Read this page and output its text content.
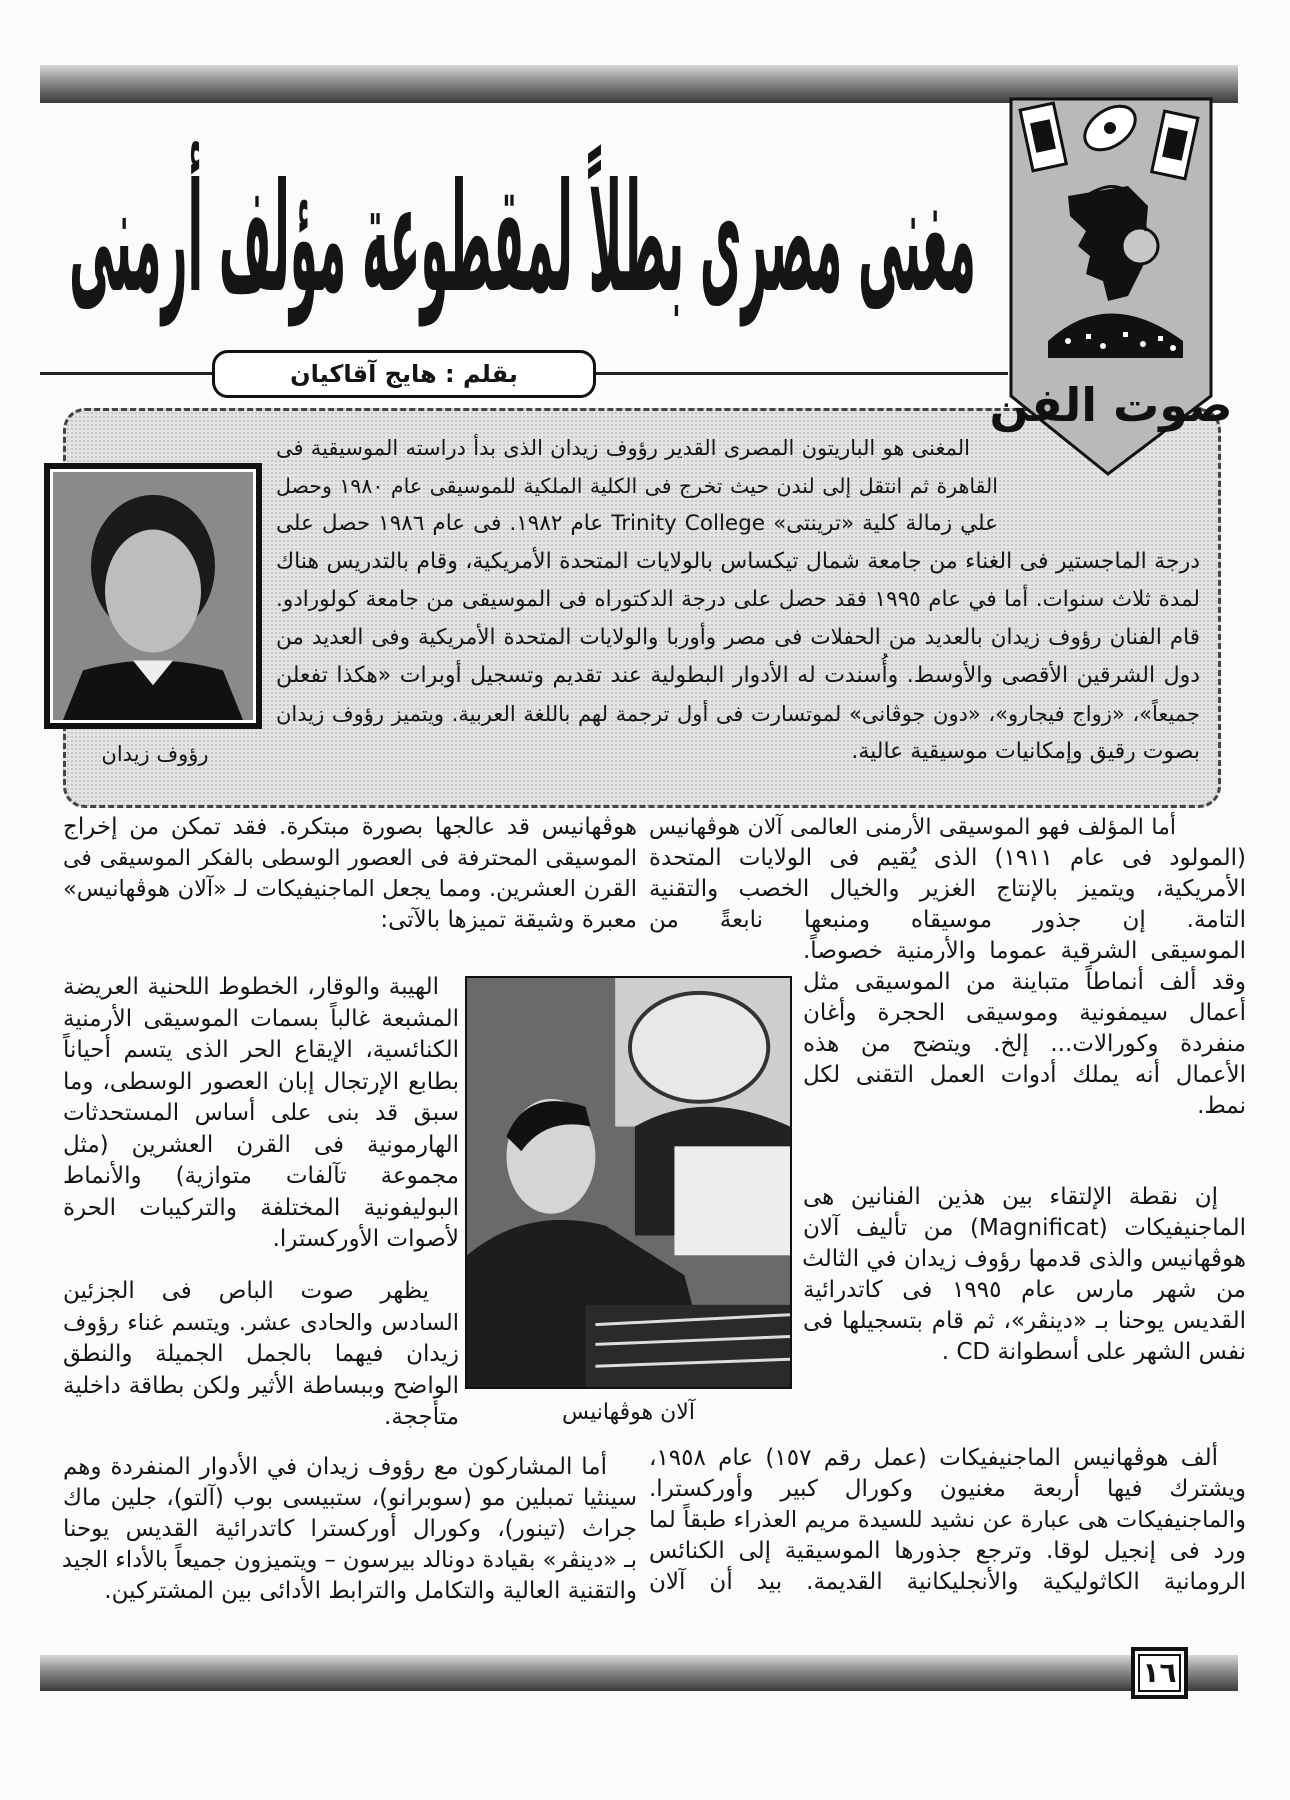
صوت الفن
مغنى مصرى بطلاً لمقطوعة مؤلف أرمنى
بقلم : هايج آقاكيان
رؤوف زيدان
آلان هوڤهانيس
المغنى هو الباريتون المصرى القدير رؤوف زيدان الذى بدأ دراسته الموسيقية فى
القاهرة ثم انتقل إلى لندن حيث تخرج فى الكلية الملكية للموسيقى عام ١٩٨٠ وحصل
علي زمالة كلية «ترينتى» Trinity College عام ١٩٨٢. فى عام ١٩٨٦ حصل على
درجة الماجستير فى الغناء من جامعة شمال تيكساس بالولايات المتحدة الأمريكية، وقام بالتدريس هناك
لمدة ثلاث سنوات. أما في عام ١٩٩٥ فقد حصل على درجة الدكتوراه فى الموسيقى من جامعة كولورادو.
قام الفنان رؤوف زيدان بالعديد من الحفلات فى مصر وأوربا والولايات المتحدة الأمريكية وفى العديد من
دول الشرقين الأقصى والأوسط. وأُسندت له الأدوار البطولية عند تقديم وتسجيل أوبرات «هكذا تفعلن
جميعاً»، «زواج فيجارو»، «دون جوڤانى» لموتسارت فى أول ترجمة لهم باللغة العربية. ويتميز رؤوف زيدان
بصوت رقيق وإمكانيات موسيقية عالية.
أما المؤلف فهو الموسيقى الأرمنى العالمى آلان هوڤهانيس
(المولود فى عام ١٩١١) الذى يُقيم فى الولايات المتحدة
الأمريكية، ويتميز بالإنتاج الغزير والخيال الخصب والتقنية
التامة. إن جذور موسيقاه ومنبعها نابعةً من
الموسيقى الشرقية عموما والأرمنية خصوصاً.
وقد ألف أنماطاً متباينة من الموسيقى مثل
أعمال سيمفونية وموسيقى الحجرة وأغان
منفردة وكورالات... إلخ. ويتضح من هذه
الأعمال أنه يملك أدوات العمل التقنى لكل
نمط.
إن نقطة الإلتقاء بين هذين الفنانين هى
الماجنيفيكات (Magnificat) من تأليف آلان
هوڤهانيس والذى قدمها رؤوف زيدان في الثالث
من شهر مارس عام ١٩٩٥ فى كاتدرائية
القديس يوحنا بـ «دينڤر»، ثم قام بتسجيلها فى
نفس الشهر على أسطوانة CD .
ألف هوڤهانيس الماجنيفيكات (عمل رقم ١٥٧) عام ١٩٥٨،
ويشترك فيها أربعة مغنيون وكورال كبير وأوركسترا.
والماجنيفيكات هى عبارة عن نشيد للسيدة مريم العذراء طبقاً لما
ورد فى إنجيل لوقا. وترجع جذورها الموسيقية إلى الكنائس
الرومانية الكاثوليكية والأنجليكانية القديمة. بيد أن آلان
هوڤهانيس قد عالجها بصورة مبتكرة. فقد تمكن من إخراج
الموسيقى المحترفة فى العصور الوسطى بالفكر الموسيقى فى
القرن العشرين. ومما يجعل الماجنيفيكات لـ «آلان هوڤهانيس»
معبرة وشيقة تميزها بالآتى:
الهيبة والوقار، الخطوط اللحنية العريضة
المشبعة غالباً بسمات الموسيقى الأرمنية
الكنائسية، الإيقاع الحر الذى يتسم أحياناً
بطابع الإرتجال إبان العصور الوسطى، وما
سبق قد بنى على أساس المستحدثات
الهارمونية فى القرن العشرين (مثل
مجموعة تآلفات متوازية) والأنماط
البوليفونية المختلفة والتركيبات الحرة
لأصوات الأوركسترا.
يظهر صوت الباص فى الجزئين
السادس والحادى عشر. ويتسم غناء رؤوف
زيدان فيهما بالجمل الجميلة والنطق
الواضح وببساطة الأثير ولكن بطاقة داخلية
متأججة.
أما المشاركون مع رؤوف زيدان في الأدوار المنفردة وهم
سينثيا تمبلين مو (سوبرانو)، ستبيسى بوب (آلتو)، جلين ماك
جراث (تينور)، وكورال أوركسترا كاتدرائية القديس يوحنا
بـ «دينڤر» بقيادة دونالد بيرسون – ويتميزون جميعاً بالأداء الجيد
والتقنية العالية والتكامل والترابط الأدائى بين المشتركين.
١٦
